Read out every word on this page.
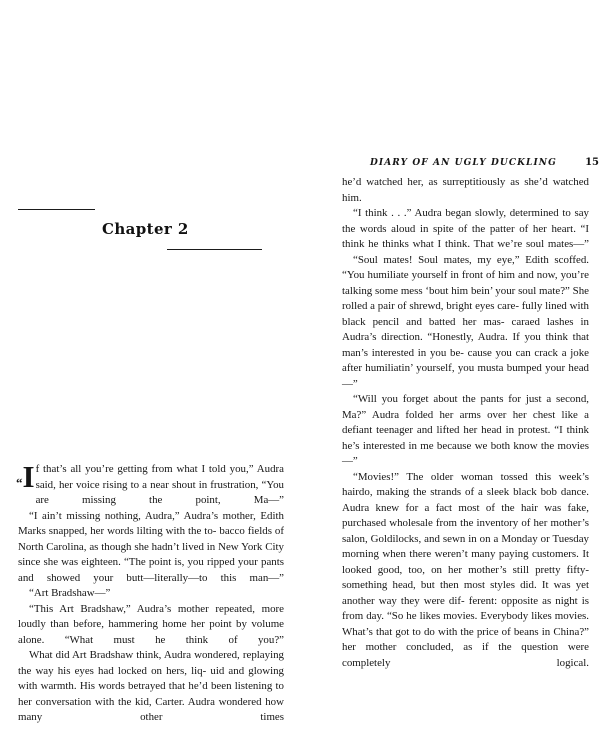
Chapter 2

“I f that’s all you’re getting from what I told you,” Audra said, her voice rising to a near shout in frustration, “You are missing the point, Ma—”

“I ain’t missing nothing, Audra,” Audra’s mother, Edith Marks snapped, her words lilting with the to- bacco fields of North Carolina, as though she hadn’t lived in New York City since she was eighteen. “The point is, you ripped your pants and showed your butt—literally—to this man—”

“Art Bradshaw—”

“This Art Bradshaw,” Audra’s mother repeated, more loudly than before, hammering home her point by volume alone. “What must he think of you?”

What did Art Bradshaw think, Audra wondered, replaying the way his eyes had locked on hers, liq- uid and glowing with warmth. His words betrayed that he’d been listening to her conversation with the kid, Carter. Audra wondered how many other times

DIARY OF AN UGLY DUCKLING	15

he’d watched her, as surreptitiously as she’d watched him.

“I think . . .” Audra began slowly, determined to say the words aloud in spite of the patter of her heart. “I think he thinks what I think. That we’re soul mates—”

“Soul mates! Soul mates, my eye,” Edith scoffed. “You humiliate yourself in front of him and now, you’re talking some mess ‘bout him bein’ your soul mate?” She rolled a pair of shrewd, bright eyes care- fully lined with black pencil and batted her mas- caraed lashes in Audra’s direction. “Honestly, Audra. If you think that man’s interested in you be- cause you can crack a joke after humiliatin’ yourself, you musta bumped your head—”

“Will you forget about the pants for just a second, Ma?” Audra folded her arms over her chest like a defiant teenager and lifted her head in protest. “I think he’s interested in me because we both know the movies—”

“Movies!” The older woman tossed this week’s hairdo, making the strands of a sleek black bob dance. Audra knew for a fact most of the hair was fake, purchased wholesale from the inventory of her mother’s salon, Goldilocks, and sewn in on a Monday or Tuesday morning when there weren’t many paying customers. It looked good, too, on her mother’s still pretty fifty-something head, but then most styles did. It was yet another way they were dif- ferent: opposite as night is from day. “So he likes movies. Everybody likes movies. What’s that got to do with the price of beans in China?” her mother concluded, as if the question were completely logical.
